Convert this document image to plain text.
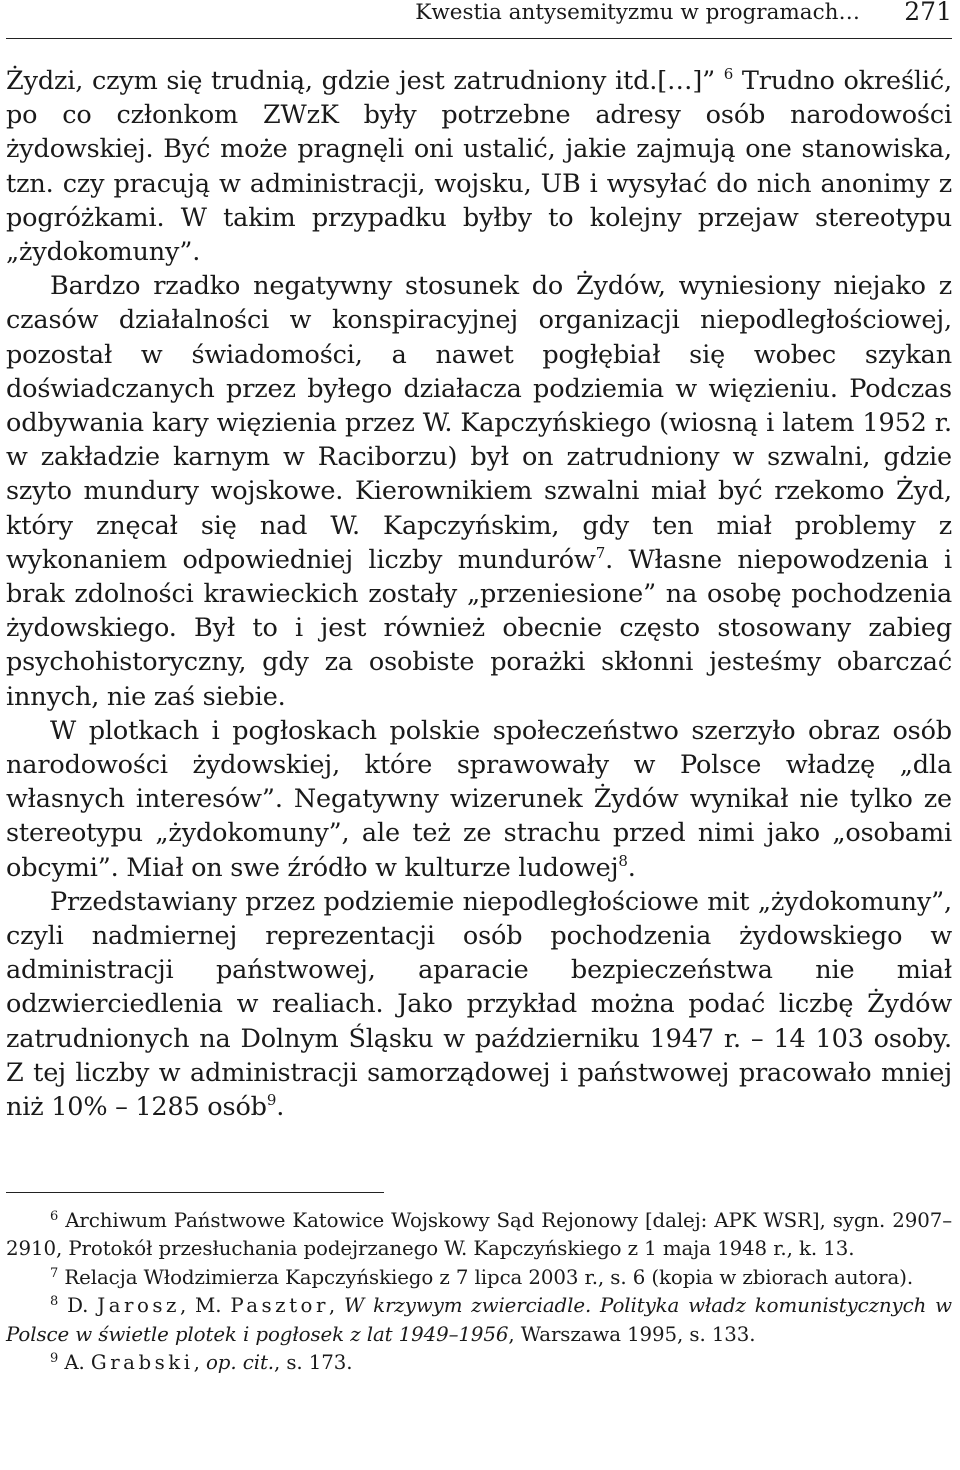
Kwestia antysemityzmu w programach… 271

Żydzi, czym się trudnią, gdzie jest zatrudniony itd.[…]” $^6$ Trudno określić, po co członkom ZWzK były potrzebne adresy osób narodowości żydowskiej. Być może pragnęli oni ustalić, jakie zajmują one stanowiska, tzn. czy pracują w administracji, wojsku, UB i wysyłać do nich anonimy z pogróżkami. W takim przypadku byłby to kolejny przejaw stereotypu „żydokomuny”.

Bardzo rzadko negatywny stosunek do Żydów, wyniesiony niejako z czasów działalności w konspiracyjnej organizacji niepodległościowej, pozostał w świadomości, a nawet pogłębiał się wobec szykan doświadczanych przez byłego działacza podziemia w więzieniu. Podczas odbywania kary więzienia przez W. Kapczyńskiego (wiosną i latem 1952 r. w zakładzie karnym w Raciborzu) był on zatrudniony w szwalni, gdzie szyto mundury wojskowe. Kierownikiem szwalni miał być rzekomo Żyd, który znęcał się nad W. Kapczyńskim, gdy ten miał problemy z wykonaniem odpowiedniej liczby mundurów$^7$. Własne niepowodzenia i brak zdolności krawieckich zostały „przeniesione” na osobę pochodzenia żydowskiego. Był to i jest również obecnie często stosowany zabieg psychohistoryczny, gdy za osobiste porażki skłonni jesteśmy obarczać innych, nie zaś siebie.

W plotkach i pogłoskach polskie społeczeństwo szerzyło obraz osób narodowości żydowskiej, które sprawowały w Polsce władzę „dla własnych interesów”. Negatywny wizerunek Żydów wynikał nie tylko ze stereotypu „żydokomuny”, ale też ze strachu przed nimi jako „osobami obcymi”. Miał on swe źródło w kulturze ludowej$^8$.

Przedstawiany przez podziemie niepodległościowe mit „żydokomuny”, czyli nadmiernej reprezentacji osób pochodzenia żydowskiego w administracji państwowej, aparacie bezpieczeństwa nie miał odzwierciedlenia w realiach. Jako przykład można podać liczbę Żydów zatrudnionych na Dolnym Śląsku w październiku 1947 r. – 14 103 osoby. Z tej liczby w administracji samorządowej i państwowej pracowało mniej niż 10% – 1285 osób$^9$.

$^6$ Archiwum Państwowe Katowice Wojskowy Sąd Rejonowy [dalej: APK WSR], sygn. 2907–2910, Protokół przesłuchania podejrzanego W. Kapczyńskiego z 1 maja 1948 r., k. 13.

$^7$ Relacja Włodzimierza Kapczyńskiego z 7 lipca 2003 r., s. 6 (kopia w zbiorach autora).

$^8$ D. Jarosz, M. Pasztor, W krzywym zwierciadle. Polityka władz komunistycznych w Polsce w świetle plotek i pogłosek z lat 1949–1956, Warszawa 1995, s. 133.

$^9$ A. Grabski, op. cit., s. 173.
